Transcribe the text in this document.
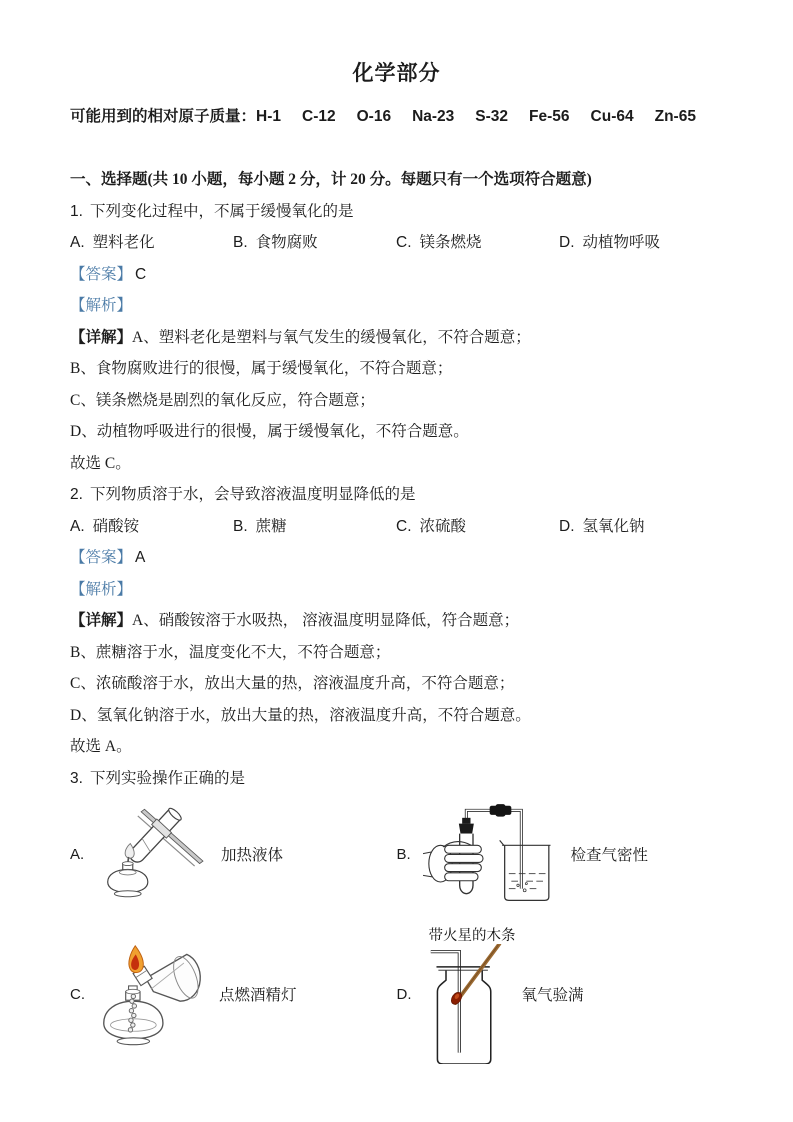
化学部分

可能用到的相对原子质量：H-1 C-12 O-16 Na-23 S-32 Fe-56 Cu-64 Zn-65

一、选择题(共 10 小题，每小题 2 分，计 20 分。每题只有一个选项符合题意)

1. 下列变化过程中，不属于缓慢氧化的是

A. 塑料老化	B. 食物腐败	C. 镁条燃烧	D. 动植物呼吸

【答案】 C

【解析】

【详解】A、塑料老化是塑料与氧气发生的缓慢氧化，不符合题意；

B、食物腐败进行的很慢，属于缓慢氧化，不符合题意；

C、镁条燃烧是剧烈的氧化反应，符合题意；

D、动植物呼吸进行的很慢，属于缓慢氧化，不符合题意。

故选 C。

2. 下列物质溶于水，会导致溶液温度明显降低的是

A. 硝酸铵	B. 蔗糖	C. 浓硫酸	D. 氢氧化钠

【答案】 A

【解析】

【详解】A、硝酸铵溶于水吸热， 溶液温度明显降低，符合题意；

B、蔗糖溶于水，温度变化不大，不符合题意；

C、浓硫酸溶于水，放出大量的热，溶液温度升高，不符合题意；

D、氢氧化钠溶于水，放出大量的热，溶液温度升高，不符合题意。

故选 A。

3. 下列实验操作正确的是

A.	加热液体	B.	检查气密性
C.	点燃酒精灯	D.
带火星的木条
氧气验满
